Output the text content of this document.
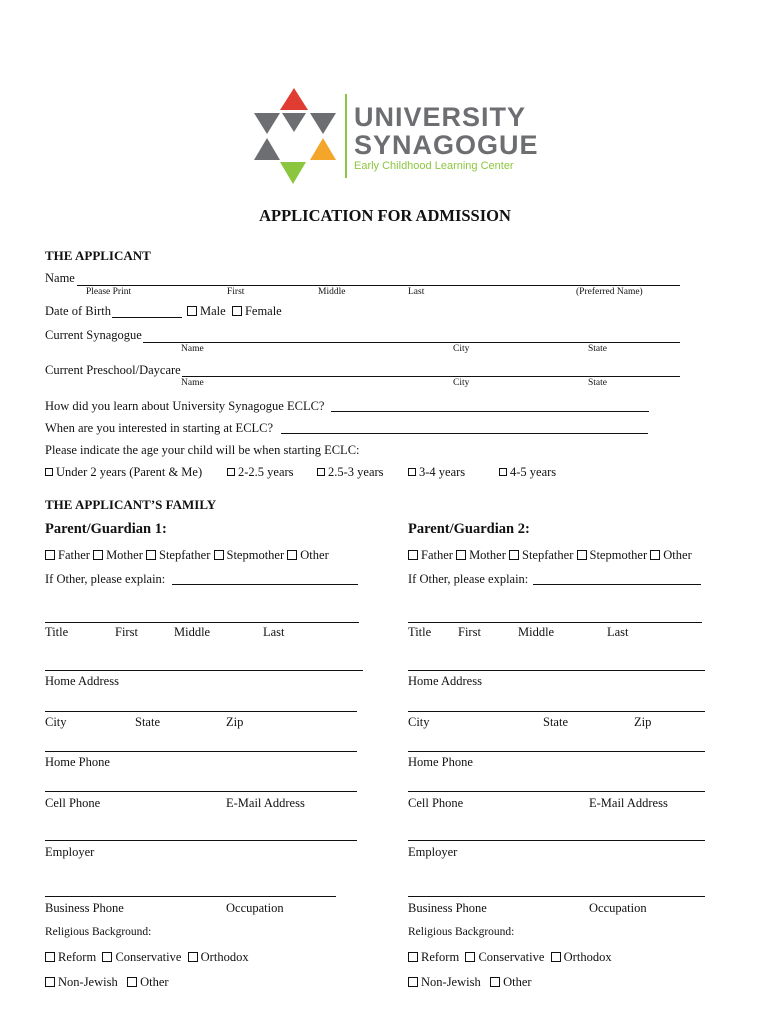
UNIVERSITY
SYNAGOGUE
Early Childhood Learning Center
APPLICATION FOR ADMISSION
THE APPLICANT
Name
Please Print	First	Middle	Last	(Preferred Name)
Date of Birth	Male Female
Current Synagogue
Name	City	State
Current Preschool/Daycare
Name	City	State
How did you learn about University Synagogue ECLC?
When are you interested in starting at ECLC?
Please indicate the age your child will be when starting ECLC:
Under 2 years (Parent & Me)	2-2.5 years	2.5-3 years	3-4 years	4-5 years
THE APPLICANT’S FAMILY
Parent/Guardian 1:	Parent/Guardian 2:
Father Mother Stepfather Stepmother Other	Father Mother Stepfather Stepmother Other
If Other, please explain:	If Other, please explain:
Title	First	Middle	Last	Title First	Middle	Last
Home Address	Home Address
City	State	Zip	City	State	Zip
Home Phone	Home Phone
Cell Phone	E-Mail Address	Cell Phone	E-Mail Address
Employer	Employer
Business Phone	Occupation	Business Phone	Occupation
Religious Background:	Religious Background:
Reform Conservative Orthodox	Reform Conservative Orthodox
Non-Jewish Other	Non-Jewish Other
